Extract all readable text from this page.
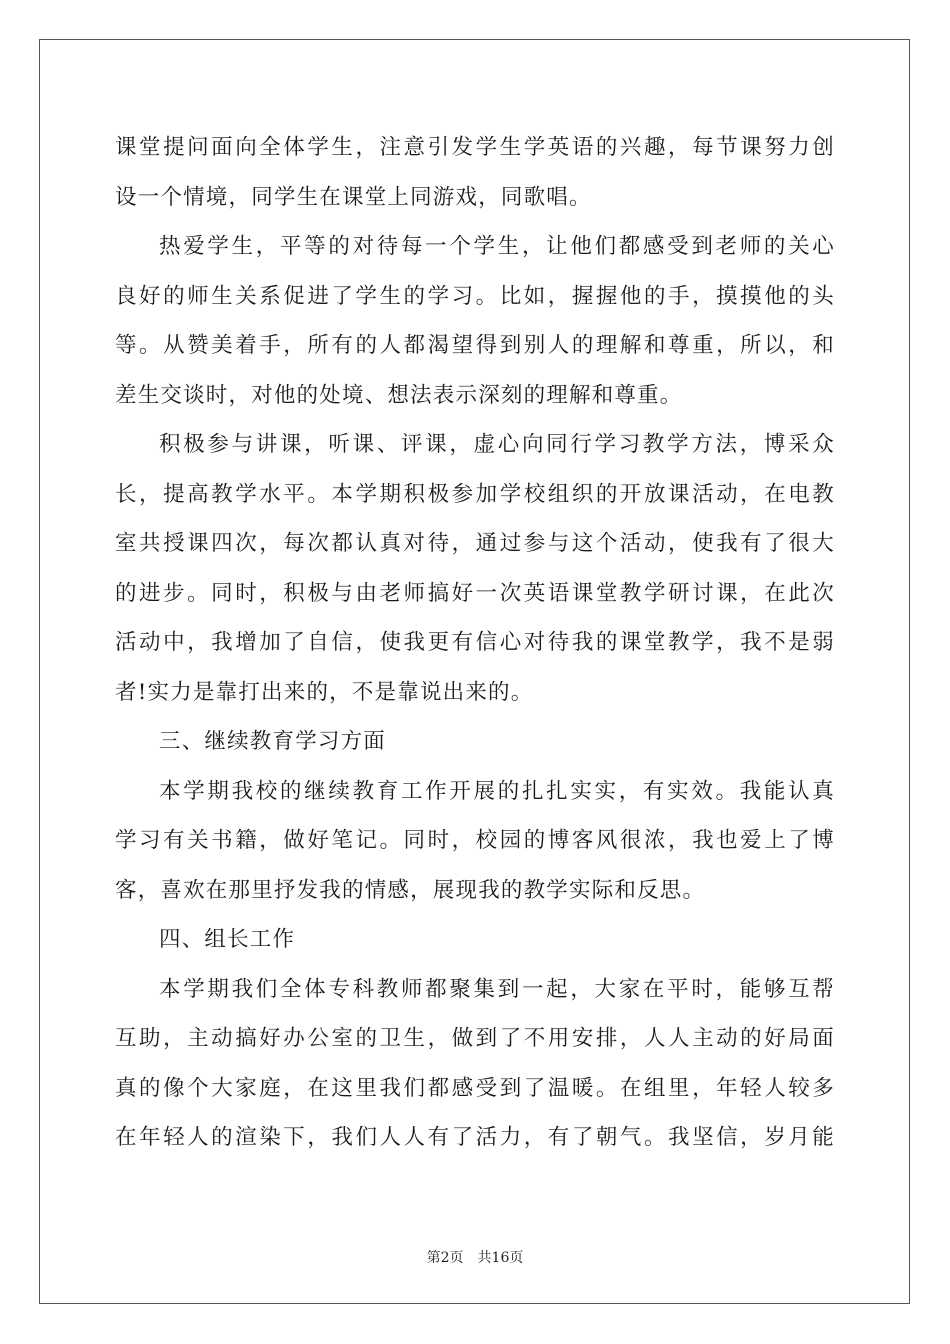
课堂提问面向全体学生，注意引发学生学英语的兴趣，每节课努力创
设一个情境，同学生在课堂上同游戏，同歌唱。
热爱学生，平等的对待每一个学生，让他们都感受到老师的关心
良好的师生关系促进了学生的学习。比如，握握他的手，摸摸他的头
等。从赞美着手，所有的人都渴望得到别人的理解和尊重，所以，和
差生交谈时，对他的处境、想法表示深刻的理解和尊重。
积极参与讲课，听课、评课，虚心向同行学习教学方法，博采众
长，提高教学水平。本学期积极参加学校组织的开放课活动，在电教
室共授课四次，每次都认真对待，通过参与这个活动，使我有了很大
的进步。同时，积极与由老师搞好一次英语课堂教学研讨课，在此次
活动中，我增加了自信，使我更有信心对待我的课堂教学，我不是弱
者!实力是靠打出来的，不是靠说出来的。
三、继续教育学习方面
本学期我校的继续教育工作开展的扎扎实实，有实效。我能认真
学习有关书籍，做好笔记。同时，校园的博客风很浓，我也爱上了博
客，喜欢在那里抒发我的情感，展现我的教学实际和反思。
四、组长工作
本学期我们全体专科教师都聚集到一起，大家在平时，能够互帮
互助，主动搞好办公室的卫生，做到了不用安排，人人主动的好局面
真的像个大家庭，在这里我们都感受到了温暖。在组里，年轻人较多
在年轻人的渲染下，我们人人有了活力，有了朝气。我坚信，岁月能
第2页 共16页
